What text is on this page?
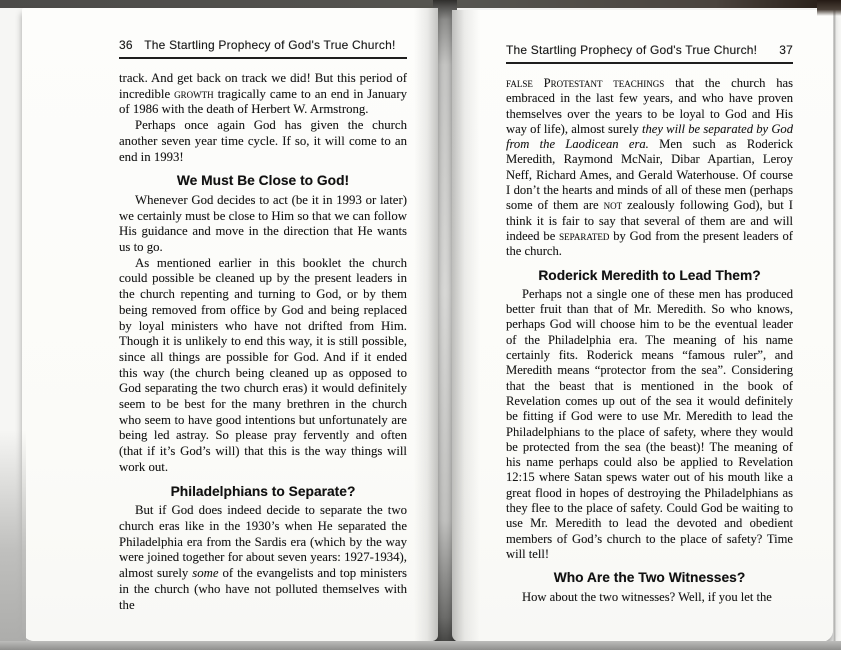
36 The Startling Prophecy of God's True Church!

track. And get back on track we did! But this period of incredible growth tragically came to an end in January of 1986 with the death of Herbert W. Armstrong.

Perhaps once again God has given the church another seven year time cycle. If so, it will come to an end in 1993!

We Must Be Close to God!

Whenever God decides to act (be it in 1993 or later) we certainly must be close to Him so that we can follow His guidance and move in the direction that He wants us to go.

As mentioned earlier in this booklet the church could possible be cleaned up by the present leaders in the church repenting and turning to God, or by them being removed from office by God and being replaced by loyal ministers who have not drifted from Him. Though it is unlikely to end this way, it is still possible, since all things are possible for God. And if it ended this way (the church being cleaned up as opposed to God separating the two church eras) it would definitely seem to be best for the many brethren in the church who seem to have good intentions but unfortunately are being led astray. So please pray fervently and often (that if it’s God’s will) that this is the way things will work out.

Philadelphians to Separate?

But if God does indeed decide to separate the two church eras like in the 1930’s when He separated the Philadelphia era from the Sardis era (which by the way were joined together for about seven years: 1927-1934), almost surely some of the evangelists and top ministers in the church (who have not polluted themselves with the

The Startling Prophecy of God's True Church! 37

false Protestant teachings that the church has embraced in the last few years, and who have proven themselves over the years to be loyal to God and His way of life), almost surely they will be separated by God from the Laodicean era. Men such as Roderick Meredith, Raymond McNair, Dibar Apartian, Leroy Neff, Richard Ames, and Gerald Waterhouse. Of course I don’t the hearts and minds of all of these men (perhaps some of them are not zealously following God), but I think it is fair to say that several of them are and will indeed be separated by God from the present leaders of the church.

Roderick Meredith to Lead Them?

Perhaps not a single one of these men has produced better fruit than that of Mr. Meredith. So who knows, perhaps God will choose him to be the eventual leader of the Philadelphia era. The meaning of his name certainly fits. Roderick means “famous ruler”, and Meredith means “protector from the sea”. Considering that the beast that is mentioned in the book of Revelation comes up out of the sea it would definitely be fitting if God were to use Mr. Meredith to lead the Philadelphians to the place of safety, where they would be protected from the sea (the beast)! The meaning of his name perhaps could also be applied to Revelation 12:15 where Satan spews water out of his mouth like a great flood in hopes of destroying the Philadelphians as they flee to the place of safety. Could God be waiting to use Mr. Meredith to lead the devoted and obedient members of God’s church to the place of safety? Time will tell!

Who Are the Two Witnesses?

How about the two witnesses? Well, if you let the
